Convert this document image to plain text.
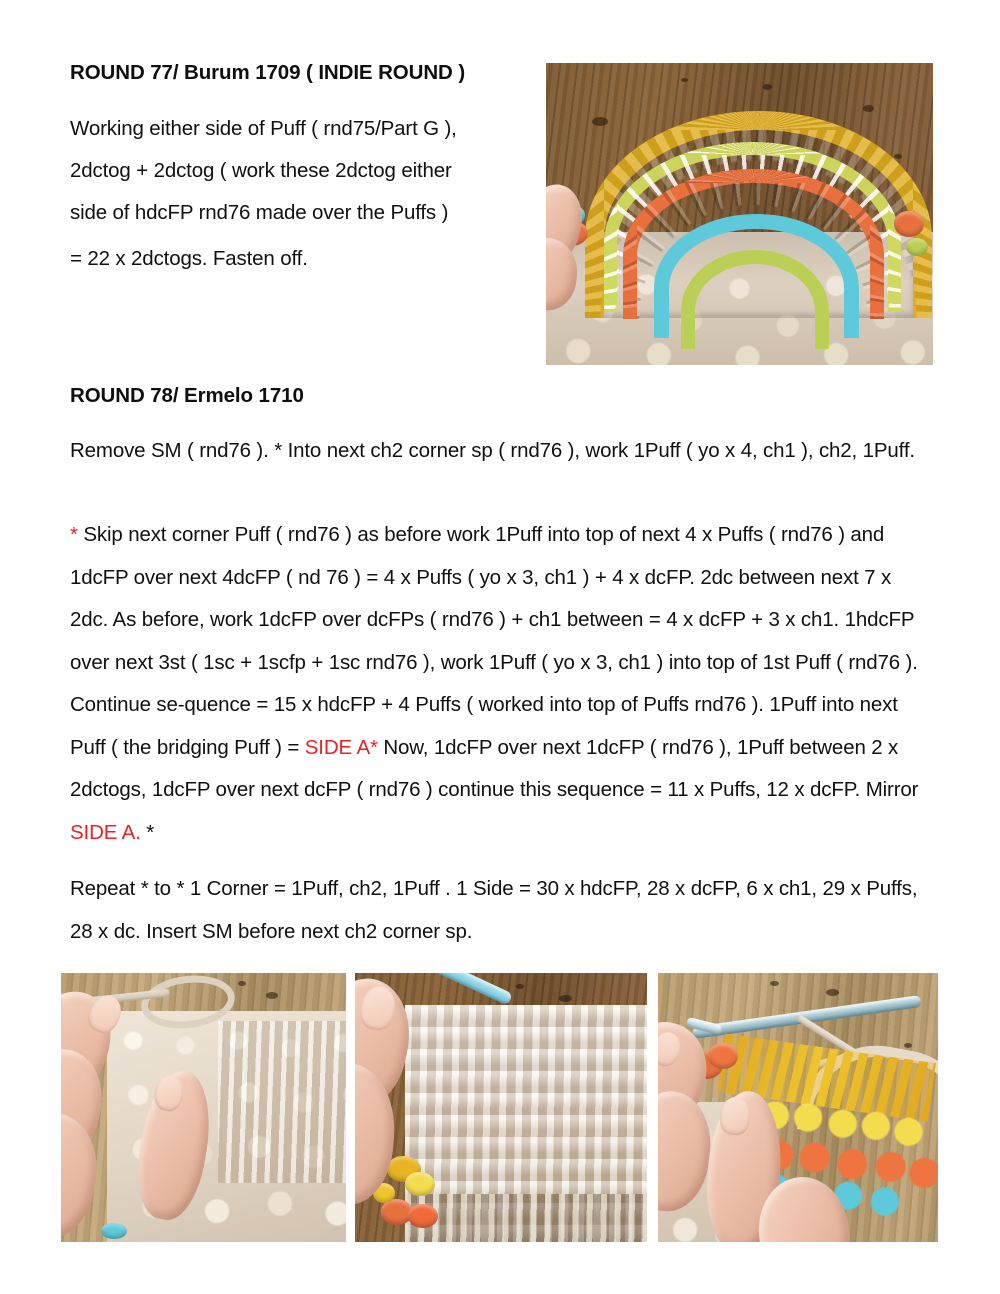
ROUND 77/ Burum 1709 ( INDIE ROUND )
Working either side of Puff ( rnd75/Part G ),
2dctog + 2dctog ( work these 2dctog either
side of hdcFP rnd76 made over the Puffs )
= 22 x 2dctogs. Fasten off.
ROUND 78/ Ermelo 1710
Remove SM ( rnd76 ). * Into next ch2 corner sp ( rnd76 ), work 1Puff ( yo x 4, ch1 ), ch2, 1Puff.
* Skip next corner Puff ( rnd76 ) as before work 1Puff into top of next 4 x Puffs ( rnd76 ) and 1dcFP over next 4dcFP ( nd 76 ) = 4 x Puffs ( yo x 3, ch1 ) + 4 x dcFP. 2dc between next 7 x 2dc. As before, work 1dcFP over dcFPs ( rnd76 ) + ch1 between = 4 x dcFP + 3 x ch1. 1hdcFP over next 3st ( 1sc + 1scfp + 1sc rnd76 ), work 1Puff ( yo x 3, ch1 ) into top of 1st Puff ( rnd76 ). Continue se-quence = 15 x hdcFP + 4 Puffs ( worked into top of Puffs rnd76 ). 1Puff into next Puff ( the bridging Puff ) = SIDE A* Now, 1dcFP over next 1dcFP ( rnd76 ), 1Puff between 2 x 2dctogs, 1dcFP over next dcFP ( rnd76 ) continue this sequence = 11 x Puffs, 12 x dcFP. Mirror SIDE A. *
Repeat * to * 1 Corner = 1Puff, ch2, 1Puff . 1 Side = 30 x hdcFP, 28 x dcFP, 6 x ch1, 29 x Puffs, 28 x dc. Insert SM before next ch2 corner sp.
